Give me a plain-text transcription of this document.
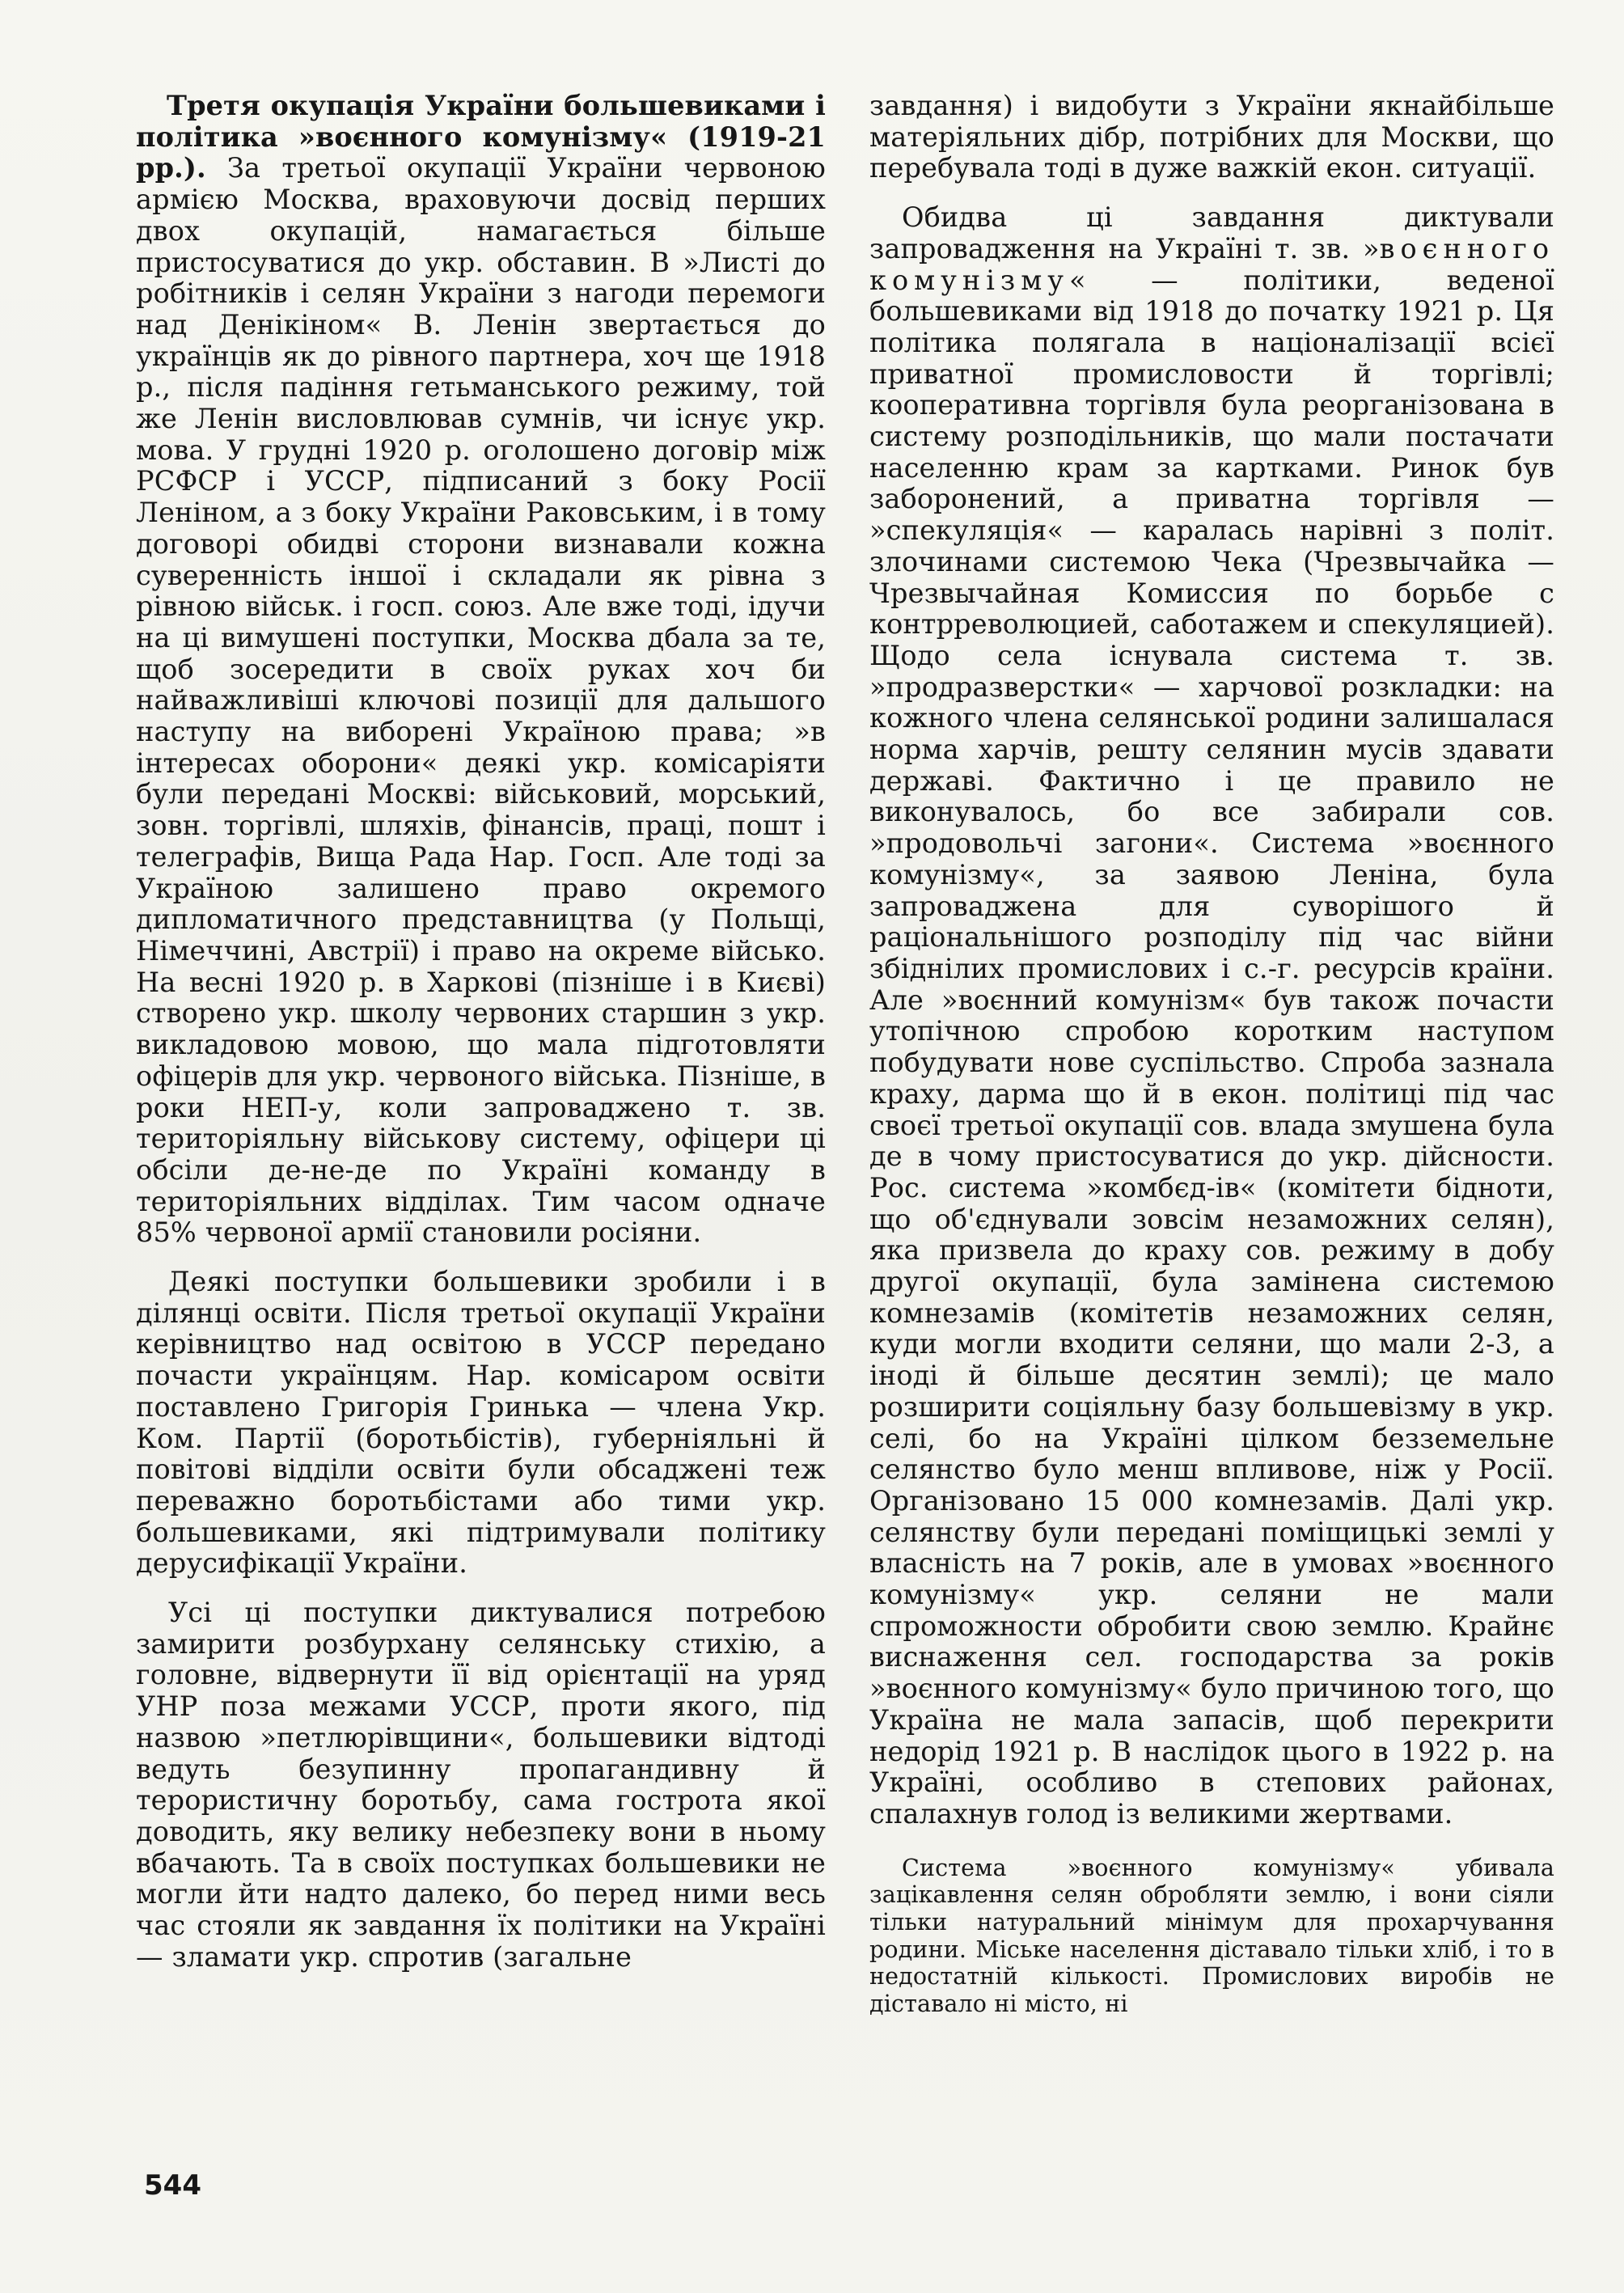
Третя окупація України большевиками і політика »воєнного комунізму« (1919-21 рр.). За третьої окупації України червоною армією Москва, враховуючи досвід перших двох окупацій, намагається більше пристосуватися до укр. обставин. В »Листі до робітників і селян України з нагоди перемоги над Денікіном« В. Ленін звертається до українців як до рівного партнера, хоч ще 1918 р., після падіння гетьманського режиму, той же Ленін висловлював сумнів, чи існує укр. мова. У грудні 1920 р. оголошено договір між РСФСР і УССР, підписаний з боку Росії Леніном, а з боку України Раковським, і в тому договорі обидві сторони визнавали кожна суверенність іншої і складали як рівна з рівною військ. і госп. союз. Але вже тоді, ідучи на ці вимушені поступки, Москва дбала за те, щоб зосередити в своїх руках хоч би найважливіші ключові позиції для дальшого наступу на виборені Україною права; »в інтересах оборони« деякі укр. комісаріяти були передані Москві: військовий, морський, зовн. торгівлі, шляхів, фінансів, праці, пошт і телеграфів, Вища Рада Нар. Госп. Але тоді за Україною залишено право окремого дипломатичного представництва (у Польщі, Німеччині, Австрії) і право на окреме військо. На весні 1920 р. в Харкові (пізніше і в Києві) створено укр. школу червоних старшин з укр. викладовою мовою, що мала підготовляти офіцерів для укр. червоного війська. Пізніше, в роки НЕП-у, коли запроваджено т. зв. територіяльну військову систему, офіцери ці обсіли де-не-де по Україні команду в територіяльних відділах. Тим часом одначе 85% червоної армії становили росіяни.

Деякі поступки большевики зробили і в ділянці освіти. Після третьої окупації України керівництво над освітою в УССР передано почасти українцям. Нар. комісаром освіти поставлено Григорія Гринька — члена Укр. Ком. Партії (боротьбістів), губерніяльні й повітові відділи освіти були обсаджені теж переважно боротьбістами або тими укр. большевиками, які підтримували політику дерусифікації України.

Усі ці поступки диктувалися потребою замирити розбурхану селянську стихію, а головне, відвернути її від орієнтації на уряд УНР поза межами УССР, проти якого, під назвою »петлюрівщини«, большевики відтоді ведуть безупинну пропагандивну й терористичну боротьбу, сама гострота якої доводить, яку велику небезпеку вони в ньому вбачають. Та в своїх поступках большевики не могли йти надто далеко, бо перед ними весь час стояли як завдання їх політики на Україні — зламати укр. спротив (загальне

завдання) і видобути з України якнайбільше матеріяльних дібр, потрібних для Москви, що перебувала тоді в дуже важкій екон. ситуації.

Обидва ці завдання диктували запровадження на Україні т. зв. »воєнного комунізму« — політики, веденої большевиками від 1918 до початку 1921 р. Ця політика полягала в націоналізації всієї приватної промисловости й торгівлі; кооперативна торгівля була реорганізована в систему розподільників, що мали постачати населенню крам за картками. Ринок був заборонений, а приватна торгівля — »спекуляція« — каралась нарівні з політ. злочинами системою Чека (Чрезвычайка — Чрезвычайная Комиссия по борьбе с контрреволюцией, саботажем и спекуляцией). Щодо села існувала система т. зв. »продразверстки« — харчової розкладки: на кожного члена селянської родини залишалася норма харчів, решту селянин мусів здавати державі. Фактично і це правило не виконувалось, бо все забирали сов. »продовольчі загони«. Система »воєнного комунізму«, за заявою Леніна, була запроваджена для суворішого й раціональнішого розподілу під час війни збіднілих промислових і с.-г. ресурсів країни. Але »воєнний комунізм« був також почасти утопічною спробою коротким наступом побудувати нове суспільство. Спроба зазнала краху, дарма що й в екон. політиці під час своєї третьої окупації сов. влада змушена була де в чому пристосуватися до укр. дійсности. Рос. система »комбєд-ів« (комітети бідноти, що об'єднували зовсім незаможних селян), яка призвела до краху сов. режиму в добу другої окупації, була замінена системою комнезамів (комітетів незаможних селян, куди могли входити селяни, що мали 2-3, а іноді й більше десятин землі); це мало розширити соціяльну базу большевізму в укр. селі, бо на Україні цілком безземельне селянство було менш впливове, ніж у Росії. Організовано 15 000 комнезамів. Далі укр. селянству були передані поміщицькі землі у власність на 7 років, але в умовах »воєнного комунізму« укр. селяни не мали спроможности обробити свою землю. Крайнє виснаження сел. господарства за років »воєнного комунізму« було причиною того, що Україна не мала запасів, щоб перекрити недорід 1921 р. В наслідок цього в 1922 р. на Україні, особливо в степових районах, спалахнув голод із великими жертвами.

Система »воєнного комунізму« убивала зацікавлення селян обробляти землю, і вони сіяли тільки натуральний мінімум для прохарчування родини. Міське населення діставало тільки хліб, і то в недостатній кількості. Промислових виробів не діставало ні місто, ні
544
